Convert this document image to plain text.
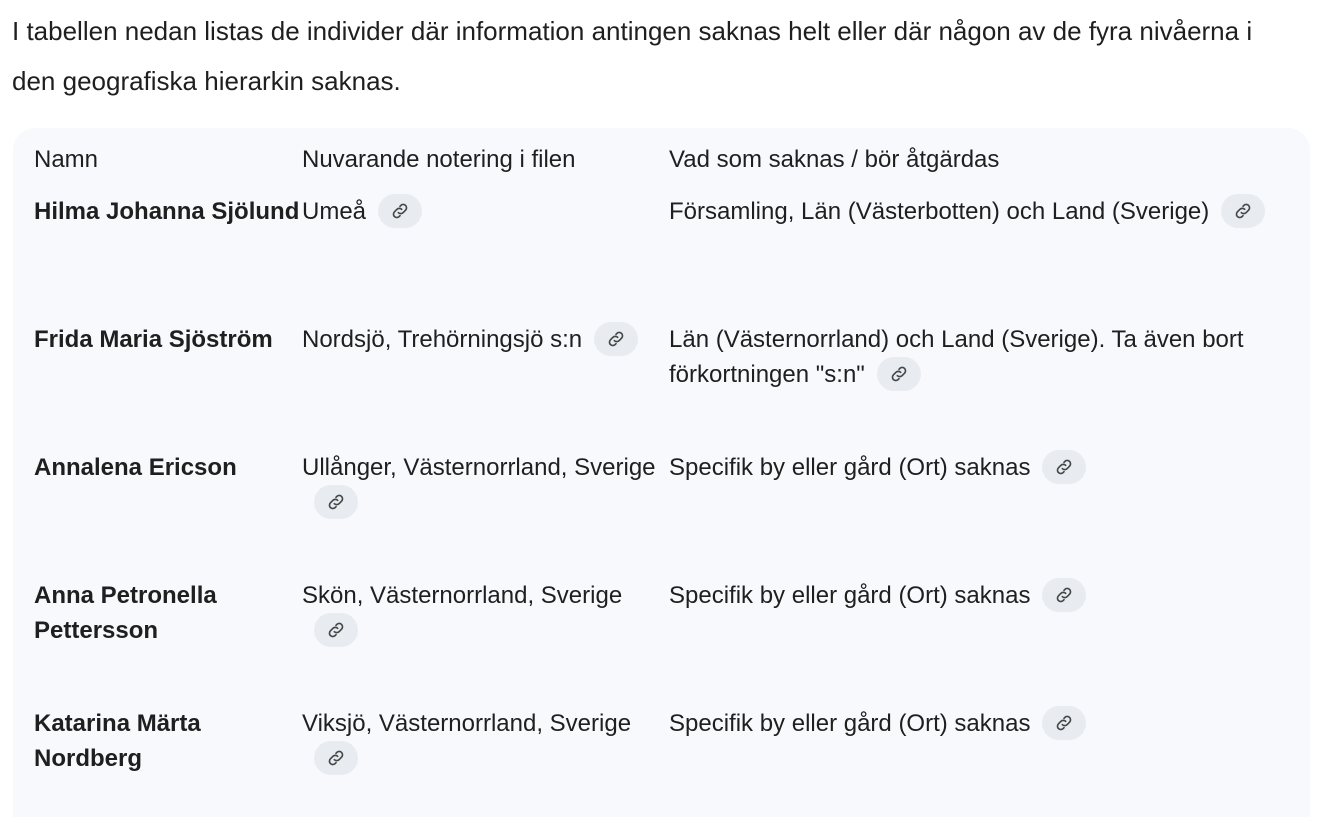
I tabellen nedan listas de individer där information antingen saknas helt eller där någon av de fyra nivåerna i den geografiska hierarkin saknas.

Namn	Nuvarande notering i filen	Vad som saknas / bör åtgärdas
Hilma Johanna Sjölund	Umeå	Församling, Län (Västerbotten) och Land (Sverige)

Frida Maria Sjöström	Nordsjö, Trehörningsjö s:n	Län (Västernorrland) och Land (Sverige). Ta även bort förkortningen "s:n"

Annalena Ericson	Ullånger, Västernorrland, Sverige	Specifik by eller gård (Ort) saknas

Anna Petronella Pettersson	Skön, Västernorrland, Sverige	Specifik by eller gård (Ort) saknas

Katarina Märta Nordberg	Viksjö, Västernorrland, Sverige	Specifik by eller gård (Ort) saknas
